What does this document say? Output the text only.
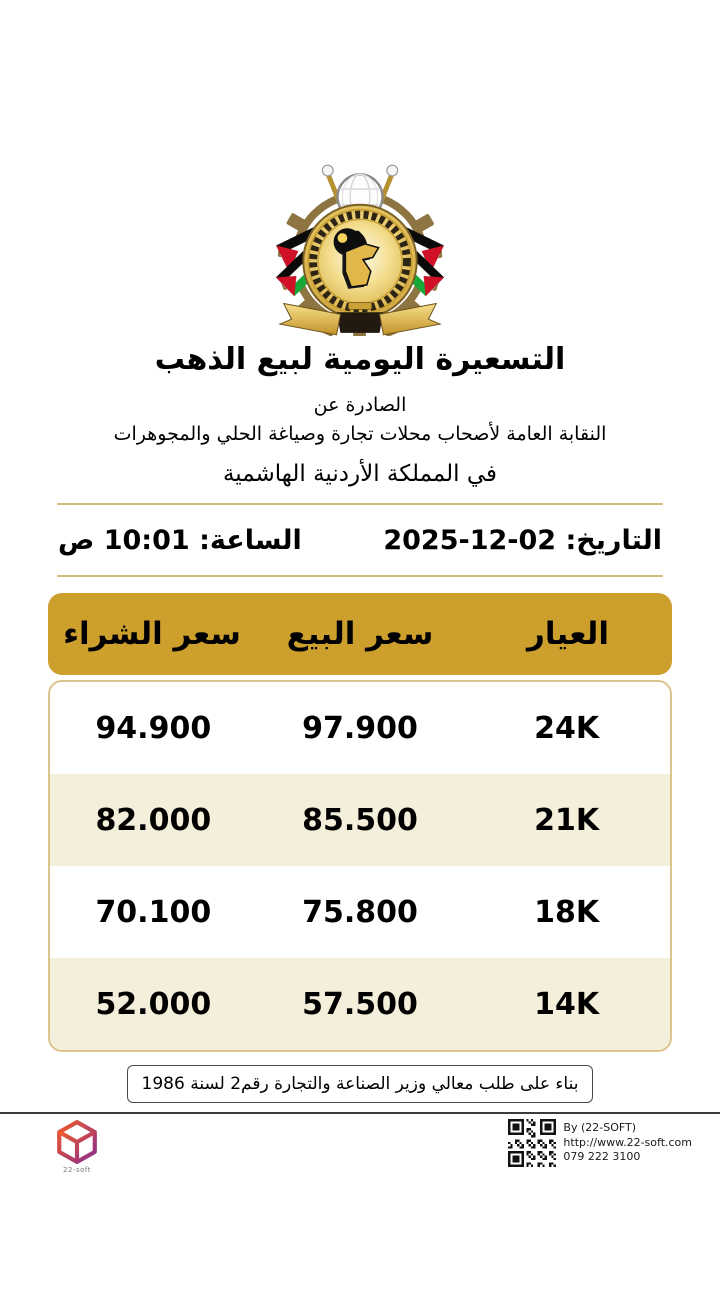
التسعيرة اليومية لبيع الذهب
الصادرة عن
النقابة العامة لأصحاب محلات تجارة وصياغة الحلي والمجوهرات
في المملكة الأردنية الهاشمية
التاريخ: 02-12-2025
الساعة: 10:01 ص
العيار
سعر البيع
سعر الشراء
24K
97.900
94.900
21K
85.500
82.000
18K
75.800
70.100
14K
57.500
52.000
بناء على طلب معالي وزير الصناعة والتجارة رقم2 لسنة 1986
22-soft
By (22-SOFT)
http://www.22-soft.com
079 222 3100
